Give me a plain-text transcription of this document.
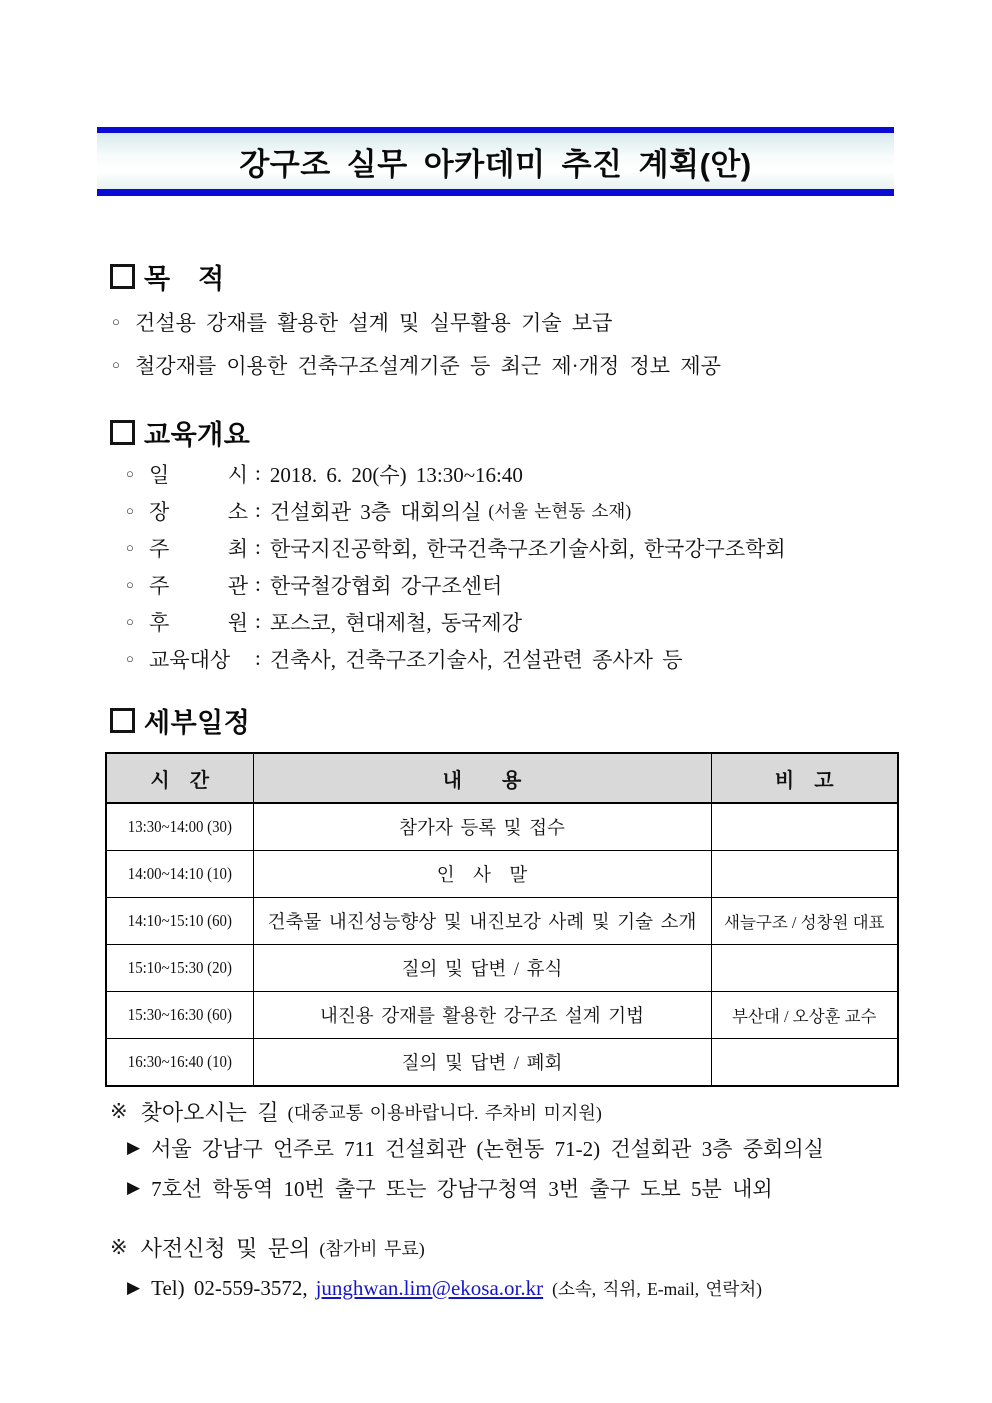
강구조 실무 아카데미 추진 계획(안)
목　적
○ 건설용 강재를 활용한 설계 및 실무활용 기술 보급
○ 철강재를 이용한 건축구조설계기준 등 최근 제·개정 정보 제공
교육개요
○ 일 시 : 2018. 6. 20(수) 13:30~16:40
○ 장 소 : 건설회관 3층 대회의실 (서울 논현동 소재)
○ 주 최 : 한국지진공학회, 한국건축구조기술사회, 한국강구조학회
○ 주 관 : 한국철강협회 강구조센터
○ 후 원 : 포스코, 현대제철, 동국제강
○ 교육대상	: 건축사, 건축구조기술사, 건설관련 종사자 등
세부일정
시　간	내　　용	비　고
13:30~14:00 (30)	참가자 등록 및 접수	
14:00~14:10 (10)	인　사　말	
14:10~15:10 (60)	건축물 내진성능향상 및 내진보강 사례 및 기술 소개	새늘구조 / 성창원 대표
15:10~15:30 (20)	질의 및 답변 / 휴식	
15:30~16:30 (60)	내진용 강재를 활용한 강구조 설계 기법	부산대 / 오상훈 교수
16:30~16:40 (10)	질의 및 답변 / 폐회	
※ 찾아오시는 길 (대중교통 이용바랍니다. 주차비 미지원)
▶ 서울 강남구 언주로 711 건설회관 (논현동 71-2) 건설회관 3층 중회의실
▶ 7호선 학동역 10번 출구 또는 강남구청역 3번 출구 도보 5분 내외
※ 사전신청 및 문의 (참가비 무료)
▶ Tel) 02-559-3572, junghwan.lim@ekosa.or.kr (소속, 직위, E-mail, 연락처)
